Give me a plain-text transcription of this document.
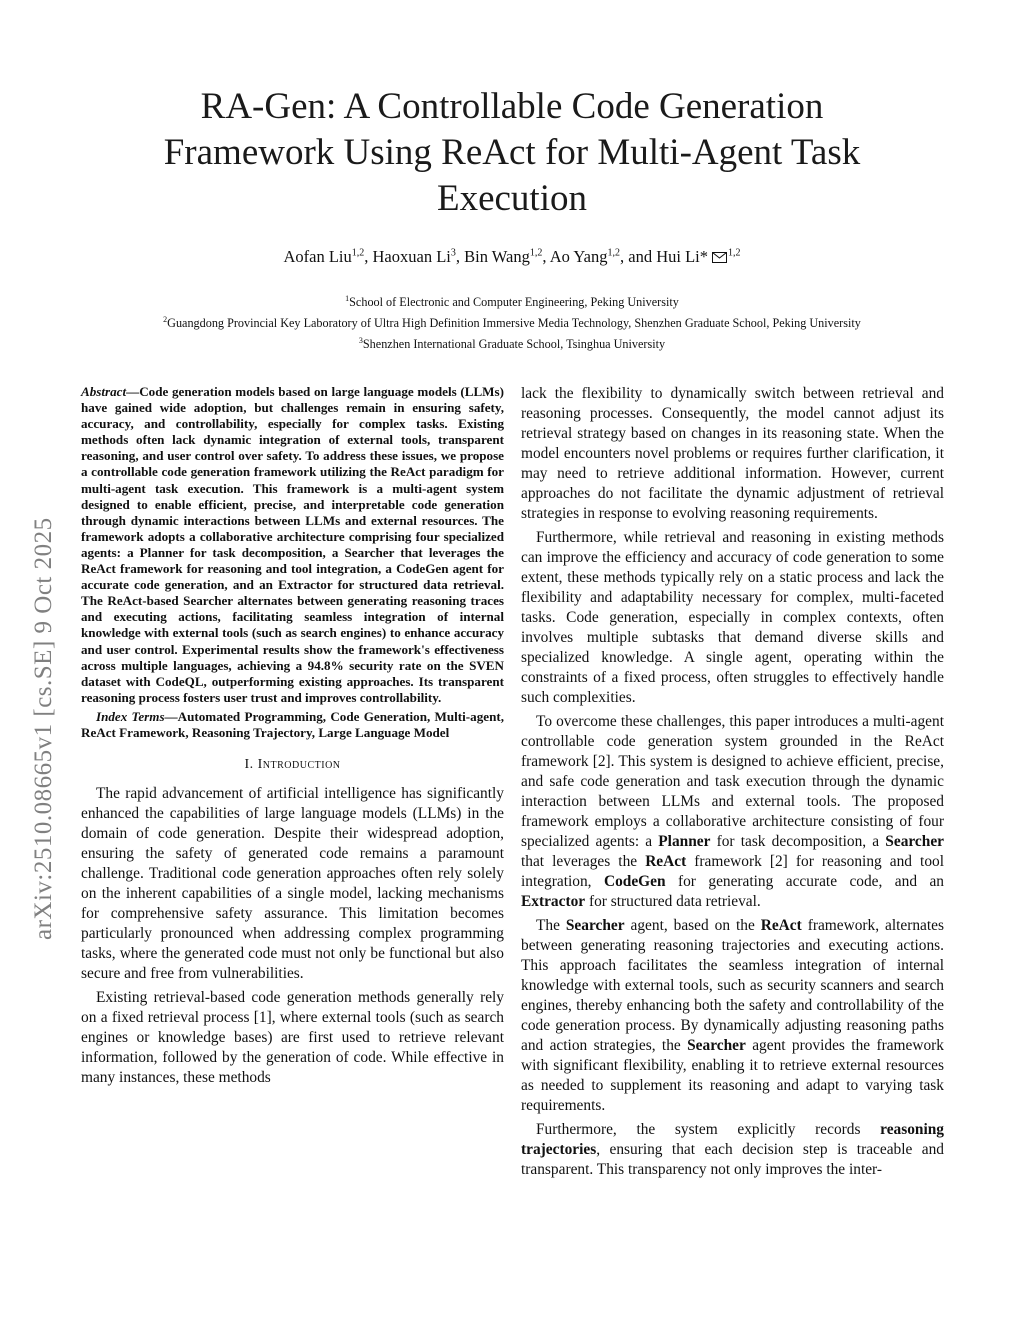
RA-Gen: A Controllable Code Generation
Framework Using ReAct for Multi-Agent Task
Execution
Aofan Liu$^{1,2}$, Haoxuan Li$^3$, Bin Wang$^{1,2}$, Ao Yang$^{1,2}$, and Hui Li* $^{1,2}$
$^1$School of Electronic and Computer Engineering, Peking University
$^2$Guangdong Provincial Key Laboratory of Ultra High Definition Immersive Media Technology, Shenzhen Graduate School, Peking University
$^3$Shenzhen International Graduate School, Tsinghua University
arXiv:2510.08665v1 [cs.SE] 9 Oct 2025

Abstract—Code generation models based on large language models (LLMs) have gained wide adoption, but challenges remain in ensuring safety, accuracy, and controllability, especially for complex tasks. Existing methods often lack dynamic integration of external tools, transparent reasoning, and user control over safety. To address these issues, we propose a controllable code generation framework utilizing the ReAct paradigm for multi-agent task execution. This framework is a multi-agent system designed to enable efficient, precise, and interpretable code generation through dynamic interactions between LLMs and external resources. The framework adopts a collaborative architecture comprising four specialized agents: a Planner for task decomposition, a Searcher that leverages the ReAct framework for reasoning and tool integration, a CodeGen agent for accurate code generation, and an Extractor for structured data retrieval. The ReAct-based Searcher alternates between generating reasoning traces and executing actions, facilitating seamless integration of internal knowledge with external tools (such as search engines) to enhance accuracy and user control. Experimental results show the framework's effectiveness across multiple languages, achieving a 94.8% security rate on the SVEN dataset with CodeQL, outperforming existing approaches. Its transparent reasoning process fosters user trust and improves controllability.

Index Terms—Automated Programming, Code Generation, Multi-agent, ReAct Framework, Reasoning Trajectory, Large Language Model

I. Introduction

The rapid advancement of artificial intelligence has significantly enhanced the capabilities of large language models (LLMs) in the domain of code generation. Despite their widespread adoption, ensuring the safety of generated code remains a paramount challenge. Traditional code generation approaches often rely solely on the inherent capabilities of a single model, lacking mechanisms for comprehensive safety assurance. This limitation becomes particularly pronounced when addressing complex programming tasks, where the generated code must not only be functional but also secure and free from vulnerabilities.

Existing retrieval-based code generation methods generally rely on a fixed retrieval process [1], where external tools (such as search engines or knowledge bases) are first used to retrieve relevant information, followed by the generation of code. While effective in many instances, these methods

lack the flexibility to dynamically switch between retrieval and reasoning processes. Consequently, the model cannot adjust its retrieval strategy based on changes in its reasoning state. When the model encounters novel problems or requires further clarification, it may need to retrieve additional information. However, current approaches do not facilitate the dynamic adjustment of retrieval strategies in response to evolving reasoning requirements.

Furthermore, while retrieval and reasoning in existing methods can improve the efficiency and accuracy of code generation to some extent, these methods typically rely on a static process and lack the flexibility and adaptability necessary for complex, multi-faceted tasks. Code generation, especially in complex contexts, often involves multiple subtasks that demand diverse skills and specialized knowledge. A single agent, operating within the constraints of a fixed process, often struggles to effectively handle such complexities.

To overcome these challenges, this paper introduces a multi-agent controllable code generation system grounded in the ReAct framework [2]. This system is designed to achieve efficient, precise, and safe code generation and task execution through the dynamic interaction between LLMs and external tools. The proposed framework employs a collaborative architecture consisting of four specialized agents: a Planner for task decomposition, a Searcher that leverages the ReAct framework [2] for reasoning and tool integration, CodeGen for generating accurate code, and an Extractor for structured data retrieval.

The Searcher agent, based on the ReAct framework, alternates between generating reasoning trajectories and executing actions. This approach facilitates the seamless integration of internal knowledge with external tools, such as security scanners and search engines, thereby enhancing both the safety and controllability of the code generation process. By dynamically adjusting reasoning paths and action strategies, the Searcher agent provides the framework with significant flexibility, enabling it to retrieve external resources as needed to supplement its reasoning and adapt to varying task requirements.

Furthermore, the system explicitly records reasoning trajectories, ensuring that each decision step is traceable and transparent. This transparency not only improves the inter-
